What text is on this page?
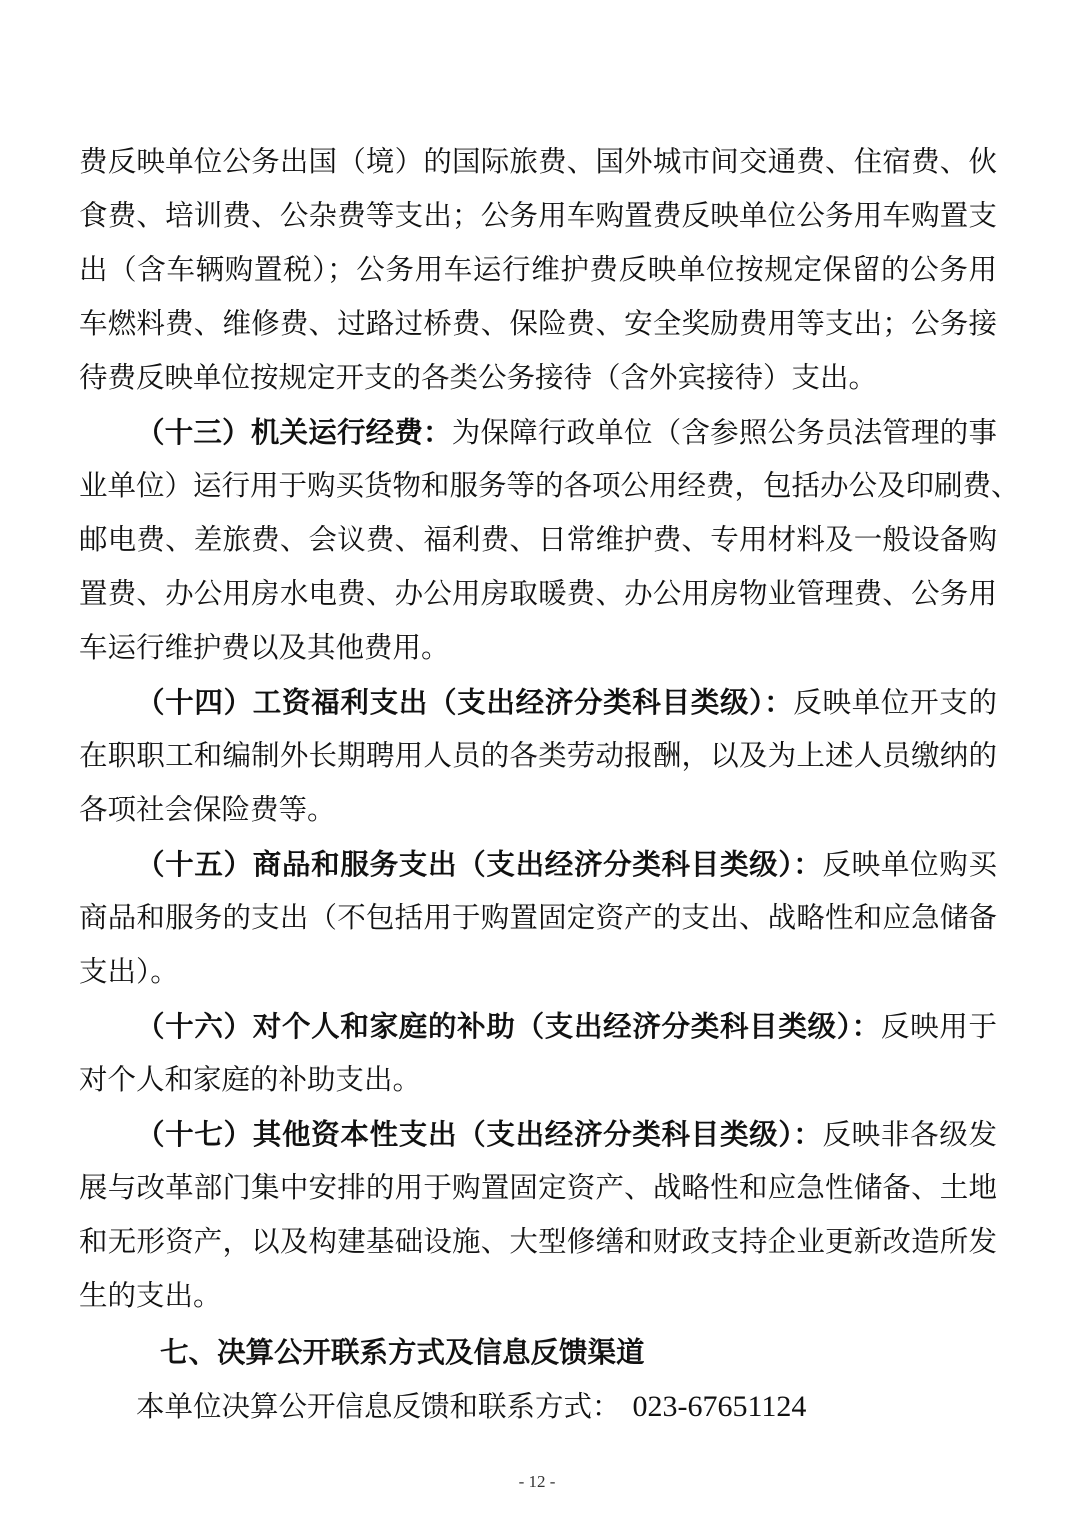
费反映单位公务出国（境）的国际旅费、国外城市间交通费、住宿费、伙
食费、培训费、公杂费等支出；公务用车购置费反映单位公务用车购置支
出（含车辆购置税）；公务用车运行维护费反映单位按规定保留的公务用
车燃料费、维修费、过路过桥费、保险费、安全奖励费用等支出；公务接
待费反映单位按规定开支的各类公务接待（含外宾接待）支出。
（十三）机关运行经费：为保障行政单位（含参照公务员法管理的事
业单位）运行用于购买货物和服务等的各项公用经费，包括办公及印刷费、
邮电费、差旅费、会议费、福利费、日常维护费、专用材料及一般设备购
置费、办公用房水电费、办公用房取暖费、办公用房物业管理费、公务用
车运行维护费以及其他费用。
（十四）工资福利支出（支出经济分类科目类级）：反映单位开支的
在职职工和编制外长期聘用人员的各类劳动报酬，以及为上述人员缴纳的
各项社会保险费等。
（十五）商品和服务支出（支出经济分类科目类级）：反映单位购买
商品和服务的支出（不包括用于购置固定资产的支出、战略性和应急储备
支出）。
（十六）对个人和家庭的补助（支出经济分类科目类级）：反映用于
对个人和家庭的补助支出。
（十七）其他资本性支出（支出经济分类科目类级）：反映非各级发
展与改革部门集中安排的用于购置固定资产、战略性和应急性储备、土地
和无形资产，以及构建基础设施、大型修缮和财政支持企业更新改造所发
生的支出。
七、决算公开联系方式及信息反馈渠道
本单位决算公开信息反馈和联系方式： 023-67651124
- 12 -
